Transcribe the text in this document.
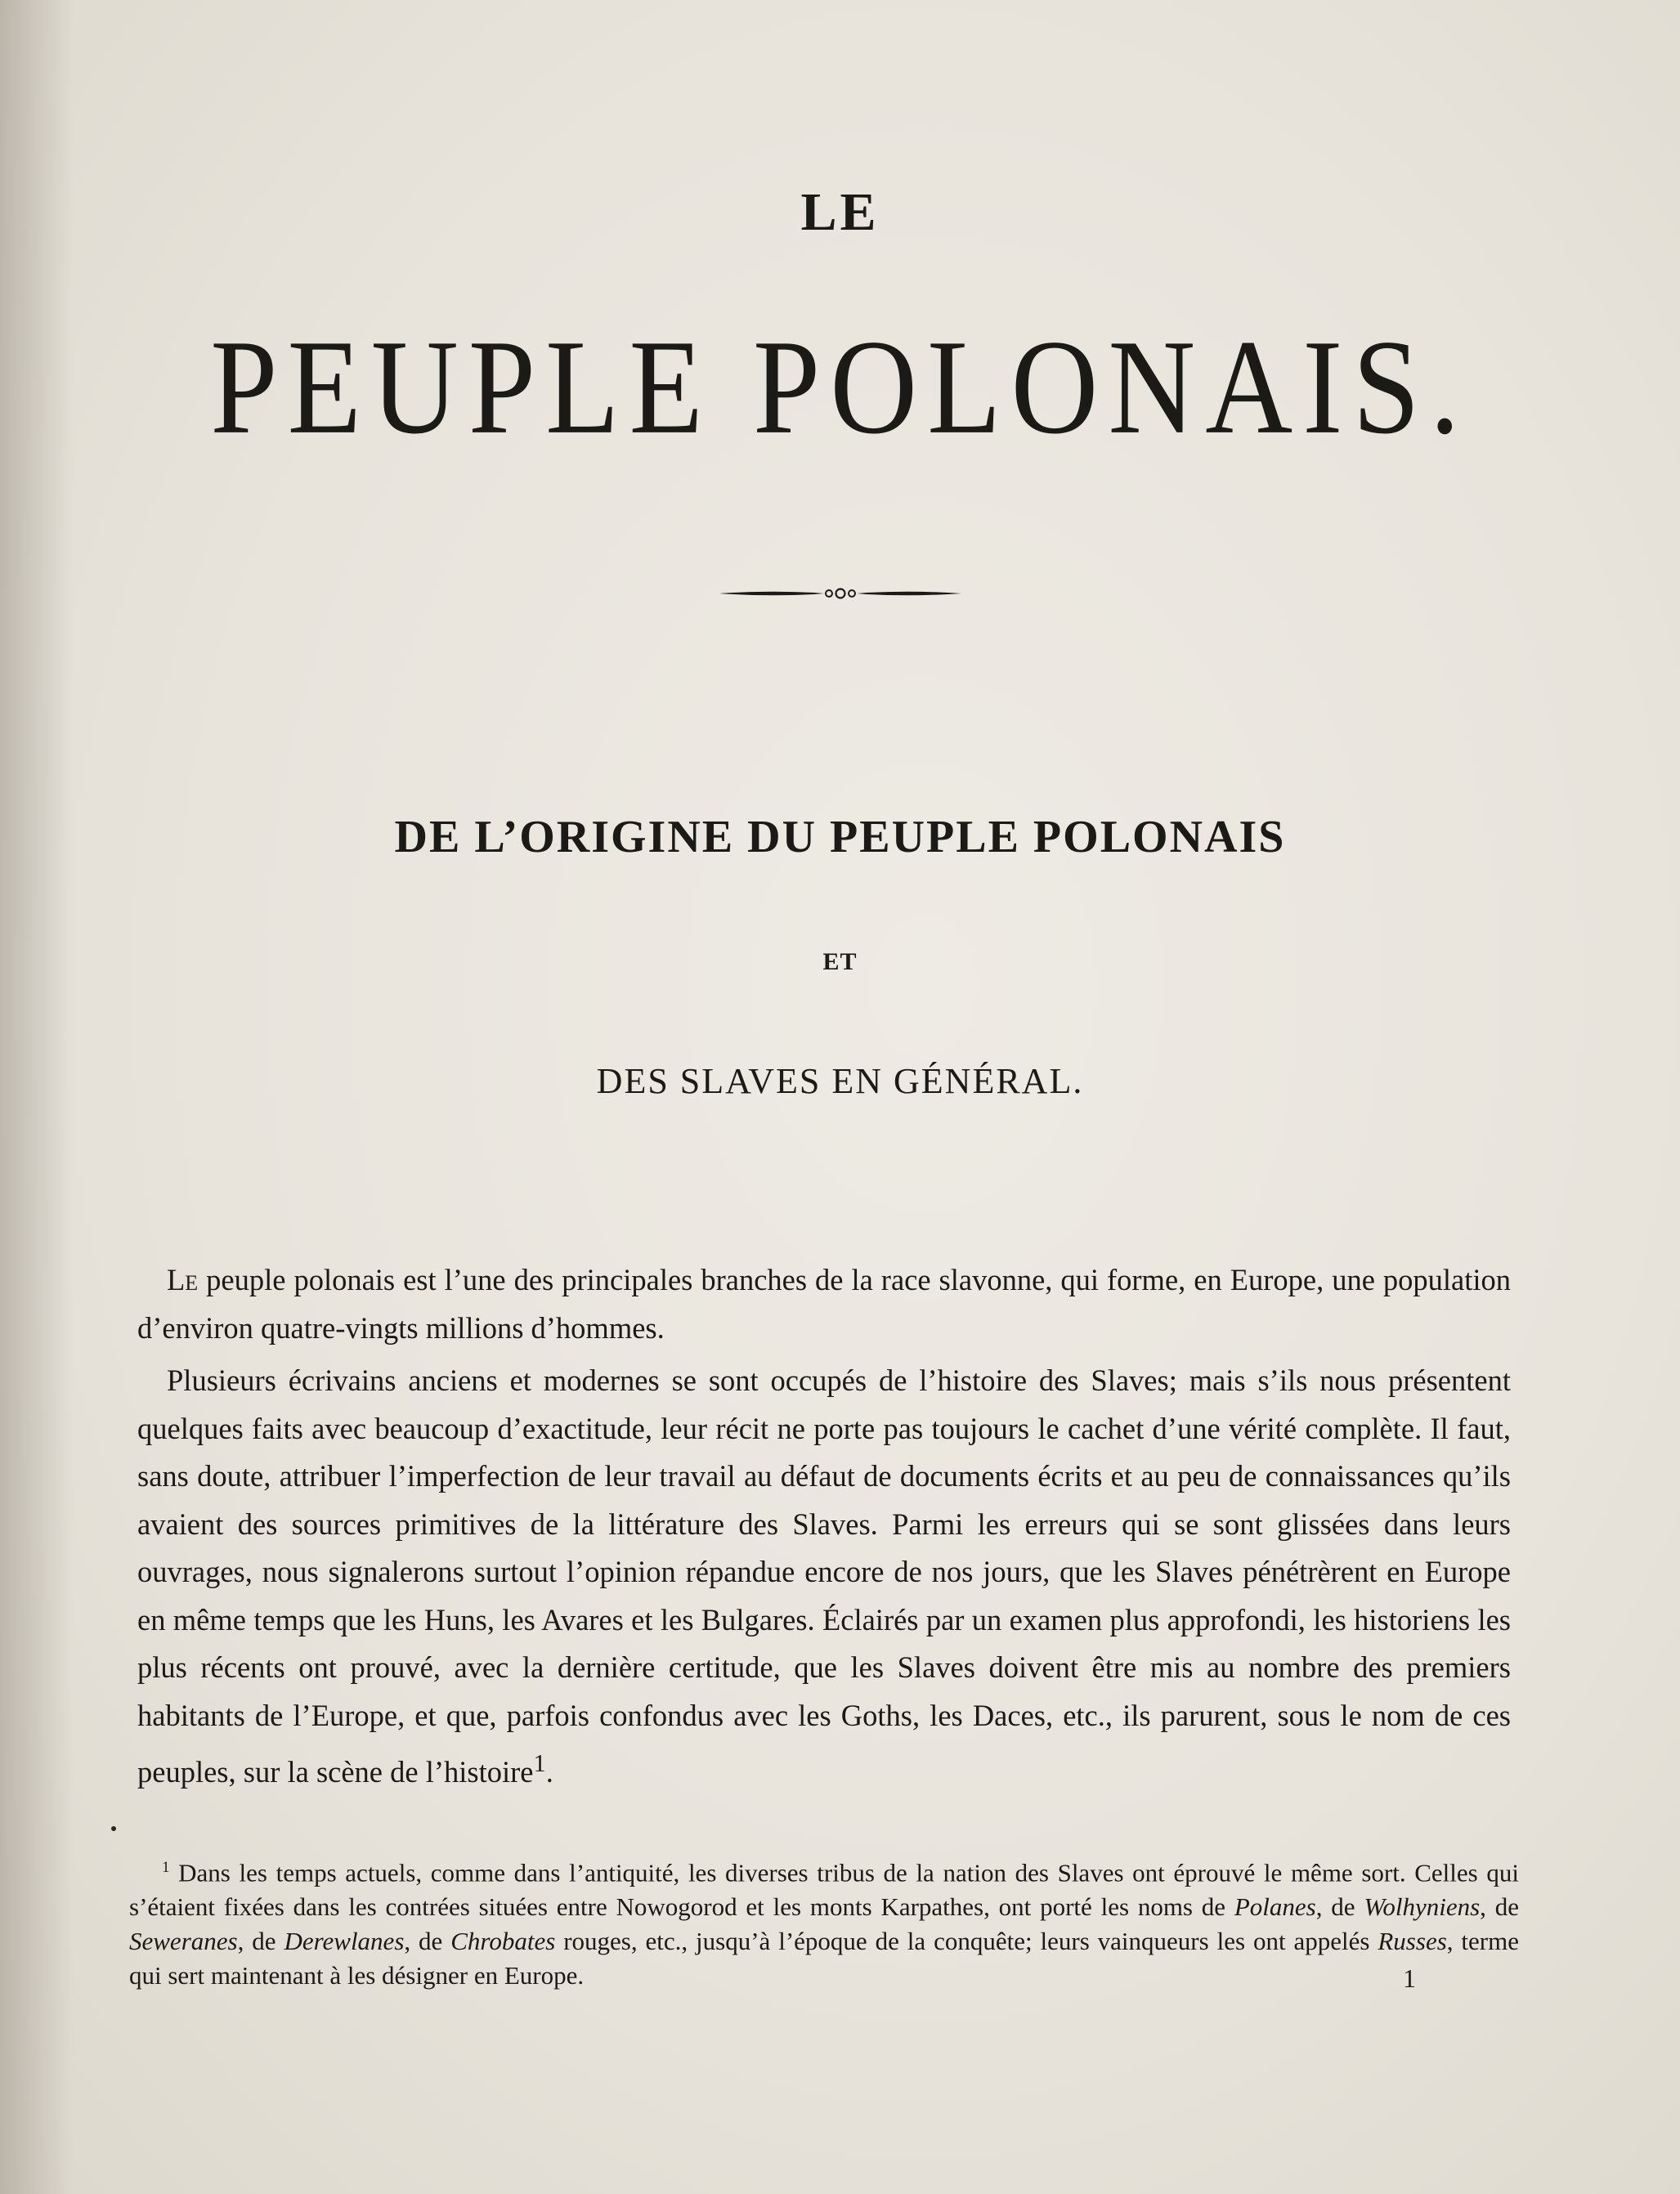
LE
PEUPLE POLONAIS.
DE L’ORIGINE DU PEUPLE POLONAIS
ET
DES SLAVES EN GÉNÉRAL.

Le peuple polonais est l’une des principales branches de la race slavonne, qui forme, en Europe, une population d’environ quatre-vingts millions d’hommes.

Plusieurs écrivains anciens et modernes se sont occupés de l’histoire des Slaves; mais s’ils nous présentent quelques faits avec beaucoup d’exactitude, leur récit ne porte pas toujours le cachet d’une vérité complète. Il faut, sans doute, attribuer l’imperfection de leur travail au défaut de documents écrits et au peu de connaissances qu’ils avaient des sources primitives de la littérature des Slaves. Parmi les erreurs qui se sont glissées dans leurs ouvrages, nous signalerons surtout l’opinion répandue encore de nos jours, que les Slaves pénétrèrent en Europe en même temps que les Huns, les Avares et les Bulgares. Éclairés par un examen plus approfondi, les historiens les plus récents ont prouvé, avec la dernière certitude, que les Slaves doivent être mis au nombre des premiers habitants de l’Europe, et que, parfois confondus avec les Goths, les Daces, etc., ils parurent, sous le nom de ces peuples, sur la scène de l’histoire$^1$.

$^1$ Dans les temps actuels, comme dans l’antiquité, les diverses tribus de la nation des Slaves ont éprouvé le même sort. Celles qui s’étaient fixées dans les contrées situées entre Nowogorod et les monts Karpathes, ont porté les noms de Polanes, de Wolhyniens, de Seweranes, de Derewlanes, de Chrobates rouges, etc., jusqu’à l’époque de la conquête; leurs vainqueurs les ont appelés Russes, terme qui sert maintenant à les désigner en Europe.	1
